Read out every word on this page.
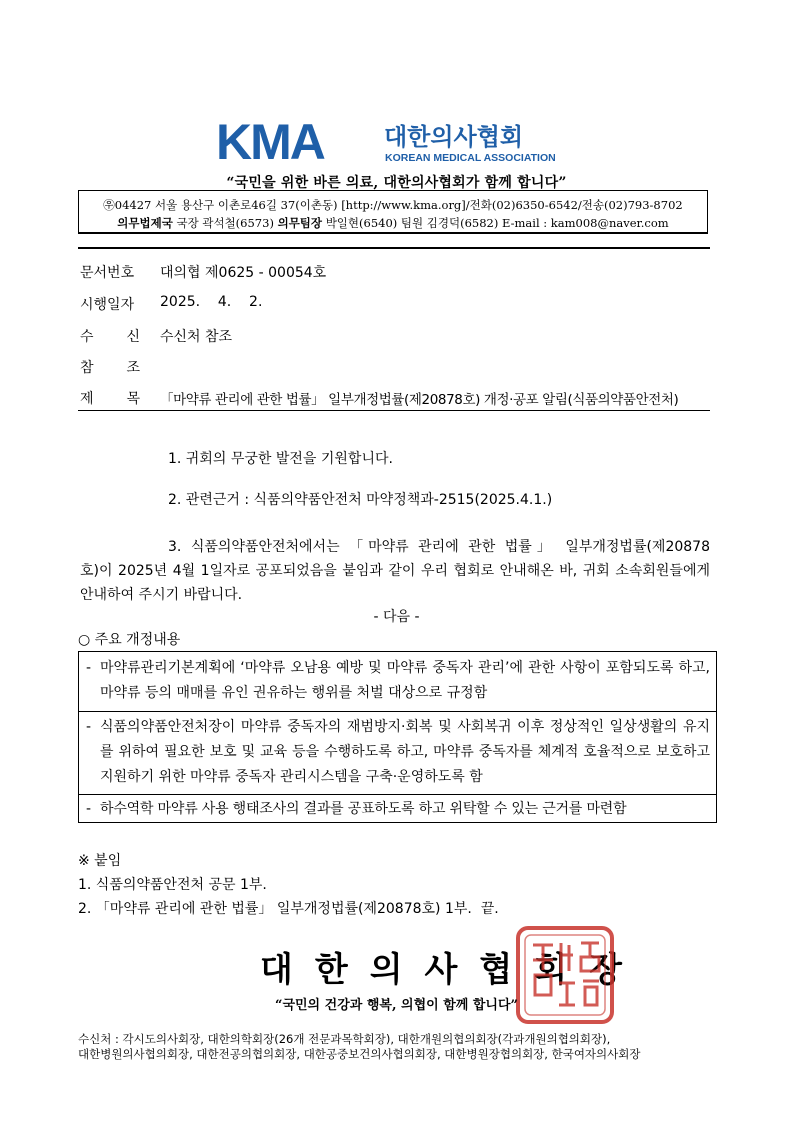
KMA	대한의사협회
KOREAN MEDICAL ASSOCIATION
“국민을 위한 바른 의료, 대한의사협회가 함께 합니다”
㉾04427 서울 용산구 이촌로46길 37(이촌동) [http://www.kma.org]/전화(02)6350-6542/전송(02)793-8702
의무법제국 국장 곽석철(6573) 의무팀장 박일현(6540) 팀원 김경덕(6582) E-mail : kam008@naver.com
문서번호	대의협 제0625 - 00054호
시행일자	2025.    4.    2.
수 신 수신처 참조
참 조
제 목 「마약류 관리에 관한 법률」 일부개정법률(제20878호) 개정·공포 알림(식품의약품안전처)
1. 귀회의 무궁한 발전을 기원합니다.
2. 관련근거 : 식품의약품안전처 마약정책과-2515(2025.4.1.)
3. 식품의약품안전처에서는 「마약류 관리에 관한 법률」 일부개정법률(제20878
호)이 2025년 4월 1일자로 공포되었음을 붙임과 같이 우리 협회로 안내해온 바, 귀회 소속회원들에게 안내하여 주시기 바랍니다.
- 다음 -
○ 주요 개정내용
- 마약류관리기본계획에 ‘마약류 오남용 예방 및 마약류 중독자 관리’에 관한 사항이 포함되도록 하고, 마약류 등의 매매를 유인 권유하는 행위를 처벌 대상으로 규정함
- 식품의약품안전처장이 마약류 중독자의 재범방지·회복 및 사회복귀 이후 정상적인 일상생활의 유지를 위하여 필요한 보호 및 교육 등을 수행하도록 하고, 마약류 중독자를 체계적 호율적으로 보호하고 지원하기 위한 마약류 중독자 관리시스템을 구축·운영하도록 함
- 하수역학 마약류 사용 행태조사의 결과를 공표하도록 하고 위탁할 수 있는 근거를 마련함
※ 붙임
1. 식품의약품안전처 공문 1부.
2. 「마약류 관리에 관한 법률」 일부개정법률(제20878호) 1부.  끝.
대한의사협회장
“국민의 건강과 행복, 의협이 함께 합니다”
수신처 : 각시도의사회장, 대한의학회장(26개 전문과목학회장), 대한개원의협의회장(각과개원의협의회장),
대한병원의사협의회장, 대한전공의협의회장, 대한공중보건의사협의회장, 대한병원장협의회장, 한국여자의사회장
